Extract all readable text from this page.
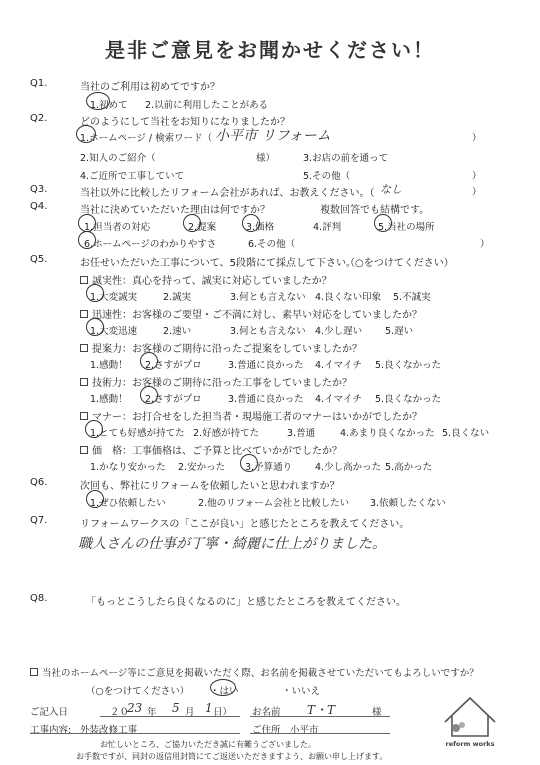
是非ご意見をお聞かせください！
Q1.	当社のご利用は初めてですか？
1.初めて 2.以前に利用したことがある
Q2.	どのようにして当社をお知りになりましたか？
1.ホームページ / 検索ワード（ 小平市 リフォーム	）
2.知人のご紹介（	様）	3.お店の前を通って
4.ご近所で工事していて	5.その他（	）
Q3.	当社以外に比較したリフォーム会社があれば、お教えください。（ なし	）
Q4.	当社に決めていただいた理由は何ですか？	複数回答でも結構です。
1.担当者の対応	2.提案	3.価格	4.評判	5.当社の場所
6.ホームページのわかりやすさ	6.その他（	）
Q5.	お任せいただいた工事について、5段階にて採点して下さい。
（○をつけてください）
誠実性：真心を持って、誠実に対応していましたか？
1.大変誠実	2.誠実	3.何とも言えない 4.良くない印象 5.不誠実
迅速性：お客様のご要望・ご不満に対し、素早い対応をしていましたか？
1.大変迅速	2.速い	3.何とも言えない 4.少し遅い 5.遅い
提案力：お客様のご期待に沿ったご提案をしていましたか？
1.感動！ 2.さすがプロ	3.普通に良かった 4.イマイチ 5.良くなかった
技術力：お客様のご期待に沿った工事をしていましたか？
1.感動！ 2.さすがプロ	3.普通に良かった 4.イマイチ 5.良くなかった
マナー：お打合せをした担当者・現場施工者のマナーはいかがでしたか？
1.とても好感が持てた 2.好感が持てた	3.普通	4.あまり良くなかった 5.良くない
価　格：工事価格は、ご予算と比べていかがでしたか？
1.かなり安かった 2.安かった 3.予算通り 4.少し高かった 5.高かった
Q6.	次回も、弊社にリフォームを依頼したいと思われますか？
1.ぜひ依頼したい	2.他のリフォーム会社と比較したい 3.依頼したくない
Q7.	リフォームワークスの「ここが良い」と感じたところを教えてください。
職人さんの仕事が丁寧・綺麗に仕上がりました。
Q8.	「もっとこうしたら良くなるのに」と感じたところを教えてください。
当社のホームページ等にご意見を掲載いただく際、お名前を掲載させていただいてもよろしいですか？
（○をつけてください） ・はい	・いいえ
ご記入日	２０
23 年 5 月 1 日） お名前 T・T	様
工事内容: 外装改修工事	ご住所 小平市
お忙しいところ、ご協力いただき誠に有難うございました。
お手数ですが、同封の返信用封筒にてご返送いただきますよう、お願い申し上げます。
reform works
